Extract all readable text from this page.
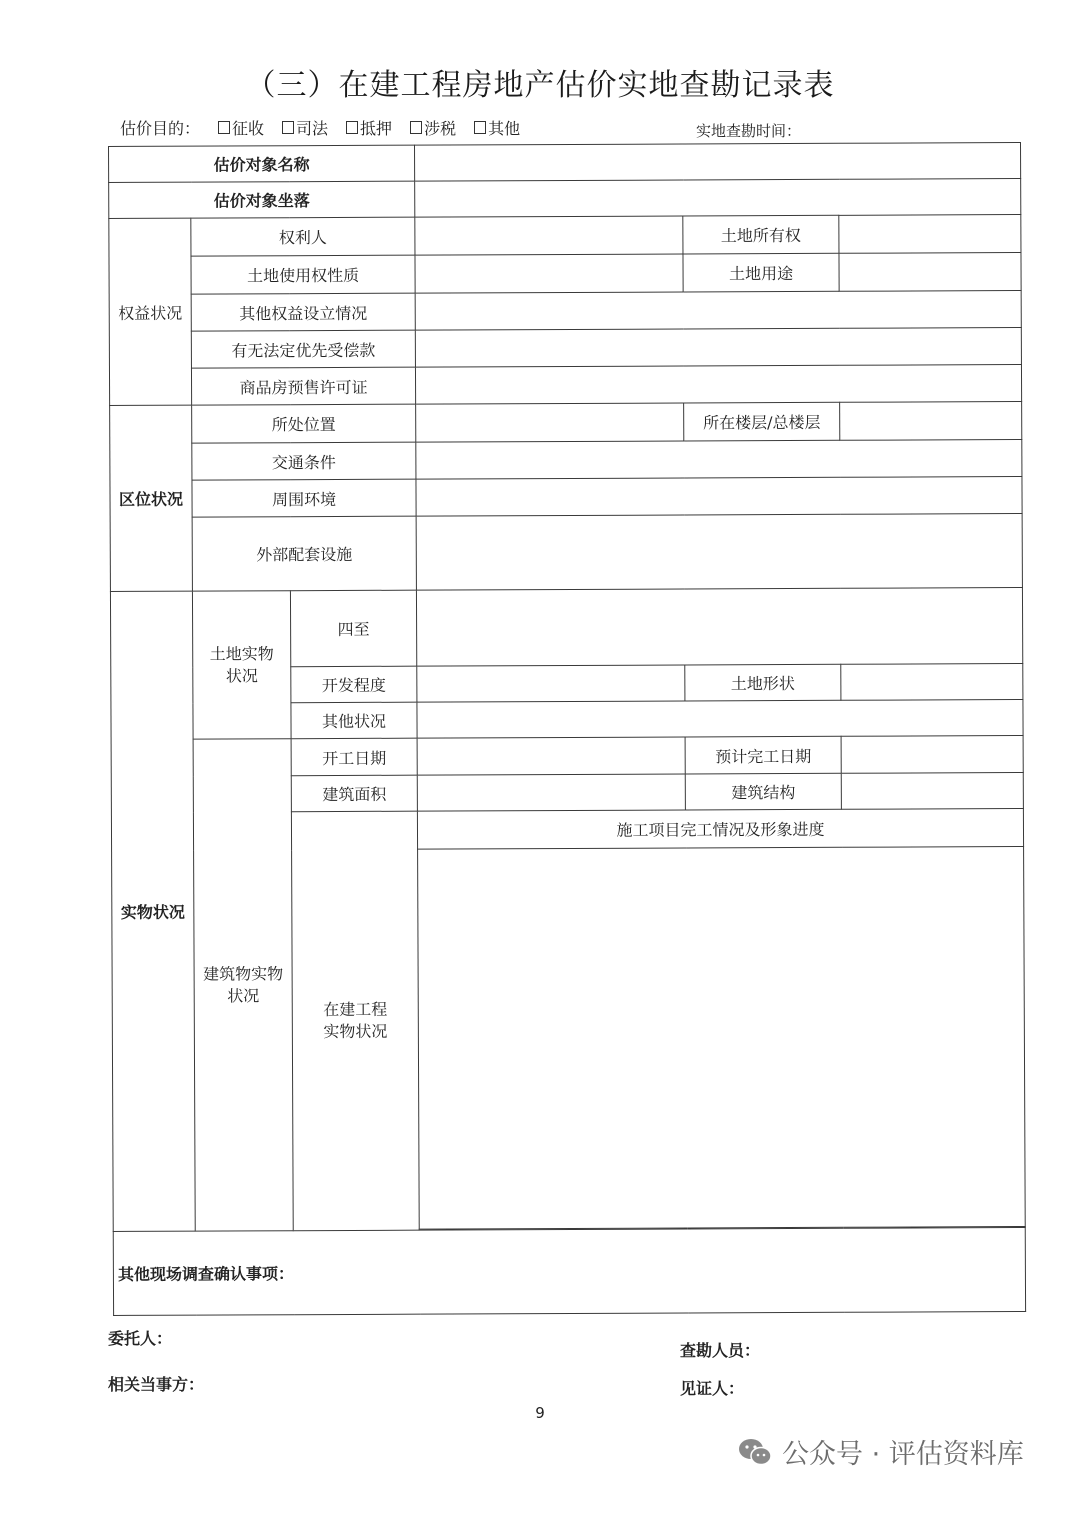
（三）在建工程房地产估价实地查勘记录表
估价目的： 征收 司法 抵押 涉税 其他	实地查勘时间：
估价对象名称					
估价对象坐落					
权益状况	权利人			土地所有权	
	土地使用权性质			土地用途	
	其他权益设立情况				
	有无法定优先受偿款				
	商品房预售许可证				
区位状况	所处位置			所在楼层/总楼层	
	交通条件				
	周围环境				
	外部配套设施				
实物状况	土地实物状况	四至			
		开发程度		土地形状	
		其他状况			
	建筑物实物状况	开工日期		预计完工日期	
		建筑面积		建筑结构	
		在建工程实物状况	施工项目完工情况及形象进度		

其他现场调查确认事项：					
委托人：
相关当事方：
查勘人员：
见证人：
9
公众号 · 评估资料库
